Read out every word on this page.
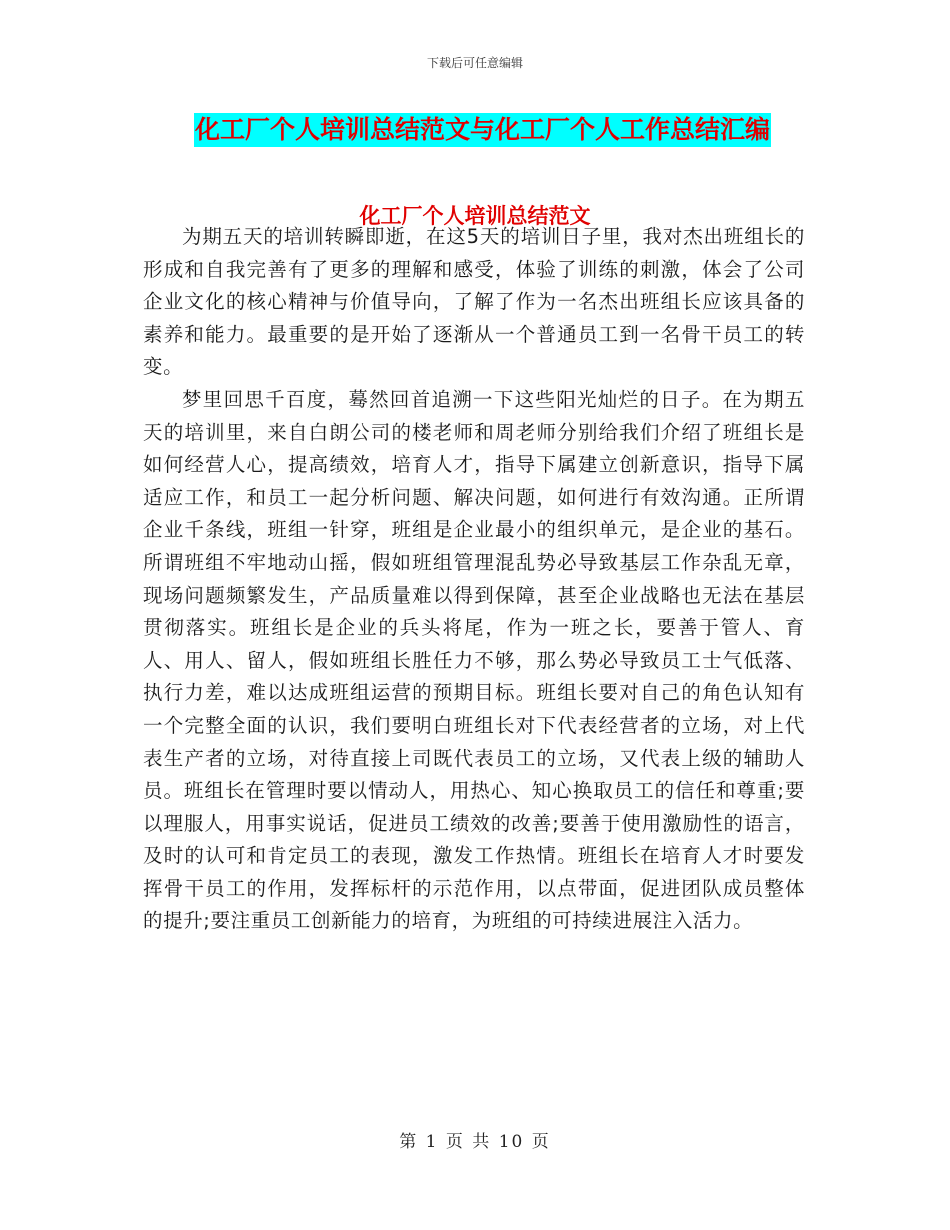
下载后可任意编辑
化工厂个人培训总结范文与化工厂个人工作总结汇编
化工厂个人培训总结范文

为期五天的培训转瞬即逝，在这5天的培训日子里，我对杰出班组长的形成和自我完善有了更多的理解和感受，体验了训练的刺激，体会了公司企业文化的核心精神与价值导向，了解了作为一名杰出班组长应该具备的素养和能力。最重要的是开始了逐渐从一个普通员工到一名骨干员工的转变。

梦里回思千百度，蓦然回首追溯一下这些阳光灿烂的日子。在为期五天的培训里，来自白朗公司的楼老师和周老师分别给我们介绍了班组长是如何经营人心，提高绩效，培育人才，指导下属建立创新意识，指导下属适应工作，和员工一起分析问题、解决问题，如何进行有效沟通。正所谓企业千条线，班组一针穿，班组是企业最小的组织单元，是企业的基石。所谓班组不牢地动山摇，假如班组管理混乱势必导致基层工作杂乱无章，现场问题频繁发生，产品质量难以得到保障，甚至企业战略也无法在基层贯彻落实。班组长是企业的兵头将尾，作为一班之长，要善于管人、育人、用人、留人，假如班组长胜任力不够，那么势必导致员工士气低落、执行力差，难以达成班组运营的预期目标。班组长要对自己的角色认知有一个完整全面的认识，我们要明白班组长对下代表经营者的立场，对上代表生产者的立场，对待直接上司既代表员工的立场，又代表上级的辅助人员。班组长在管理时要以情动人，用热心、知心换取员工的信任和尊重;要以理服人，用事实说话，促进员工绩效的改善;要善于使用激励性的语言，及时的认可和肯定员工的表现，激发工作热情。班组长在培育人才时要发挥骨干员工的作用，发挥标杆的示范作用，以点带面，促进团队成员整体的提升;要注重员工创新能力的培育，为班组的可持续进展注入活力。

第 1 页 共 10 页
